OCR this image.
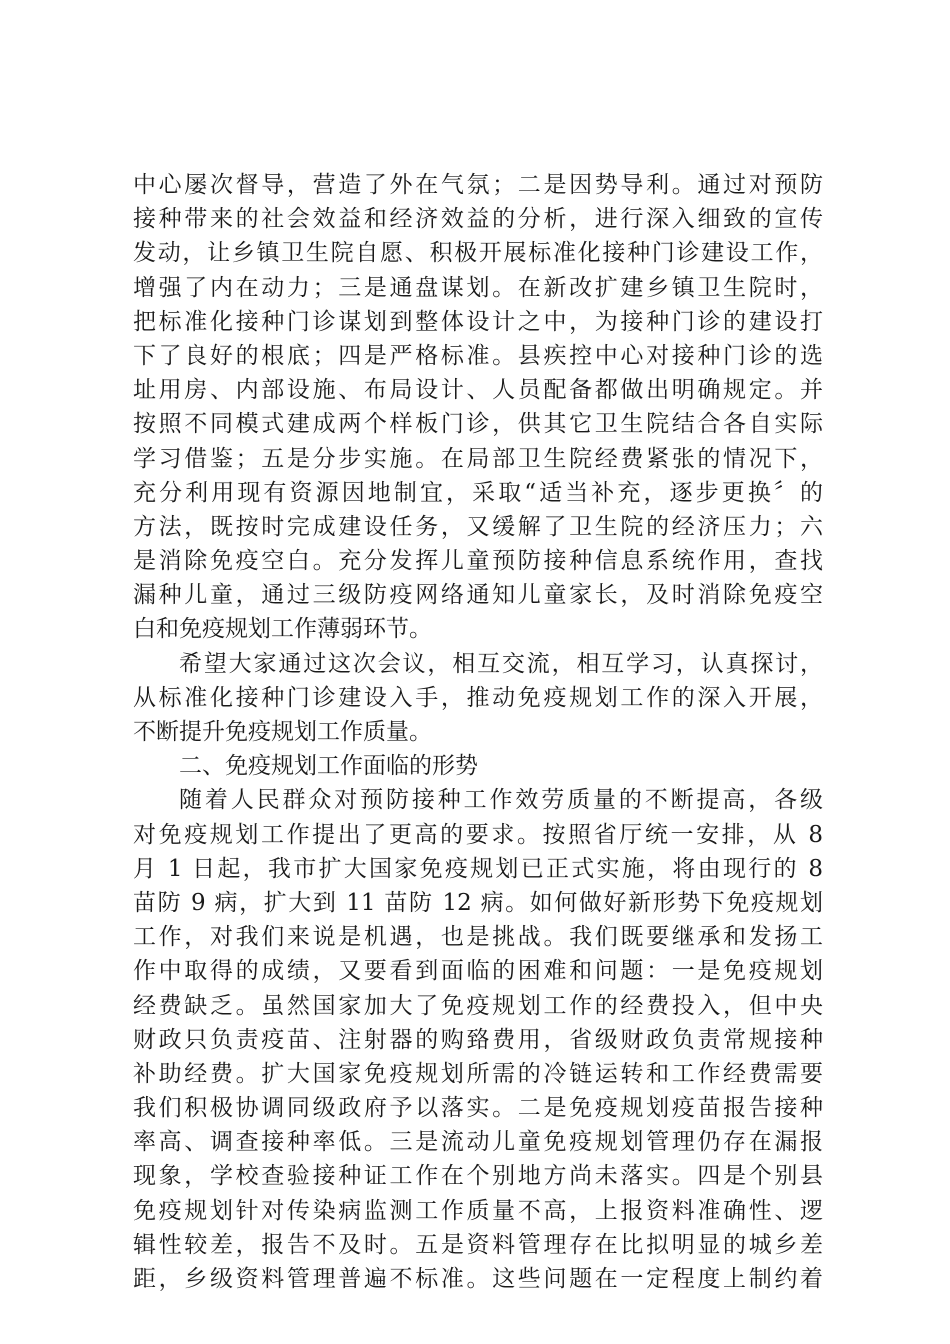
中心屡次督导，营造了外在气氛；二是因势导利。通过对预防
接种带来的社会效益和经济效益的分析，进行深入细致的宣传
发动，让乡镇卫生院自愿、积极开展标准化接种门诊建设工作，
增强了内在动力；三是通盘谋划。在新改扩建乡镇卫生院时，
把标准化接种门诊谋划到整体设计之中，为接种门诊的建设打
下了良好的根底；四是严格标准。县疾控中心对接种门诊的选
址用房、内部设施、布局设计、人员配备都做出明确规定。并
按照不同模式建成两个样板门诊，供其它卫生院结合各自实际
学习借鉴；五是分步实施。在局部卫生院经费紧张的情况下，
充分利用现有资源因地制宜，采取“适当补充，逐步更换〞的
方法，既按时完成建设任务，又缓解了卫生院的经济压力；六
是消除免疫空白。充分发挥儿童预防接种信息系统作用，查找
漏种儿童，通过三级防疫网络通知儿童家长，及时消除免疫空
白和免疫规划工作薄弱环节。
希望大家通过这次会议，相互交流，相互学习，认真探讨，
从标准化接种门诊建设入手，推动免疫规划工作的深入开展，
不断提升免疫规划工作质量。
二、免疫规划工作面临的形势
随着人民群众对预防接种工作效劳质量的不断提高，各级
对免疫规划工作提出了更高的要求。按照省厅统一安排，从 8
月 1 日起，我市扩大国家免疫规划已正式实施，将由现行的 8
苗防 9 病，扩大到 11 苗防 12 病。如何做好新形势下免疫规划
工作，对我们来说是机遇，也是挑战。我们既要继承和发扬工
作中取得的成绩，又要看到面临的困难和问题：一是免疫规划
经费缺乏。虽然国家加大了免疫规划工作的经费投入，但中央
财政只负责疫苗、注射器的购臵费用，省级财政负责常规接种
补助经费。扩大国家免疫规划所需的冷链运转和工作经费需要
我们积极协调同级政府予以落实。二是免疫规划疫苗报告接种
率高、调查接种率低。三是流动儿童免疫规划管理仍存在漏报
现象，学校查验接种证工作在个别地方尚未落实。四是个别县
免疫规划针对传染病监测工作质量不高，上报资料准确性、逻
辑性较差，报告不及时。五是资料管理存在比拟明显的城乡差
距，乡级资料管理普遍不标准。这些问题在一定程度上制约着
